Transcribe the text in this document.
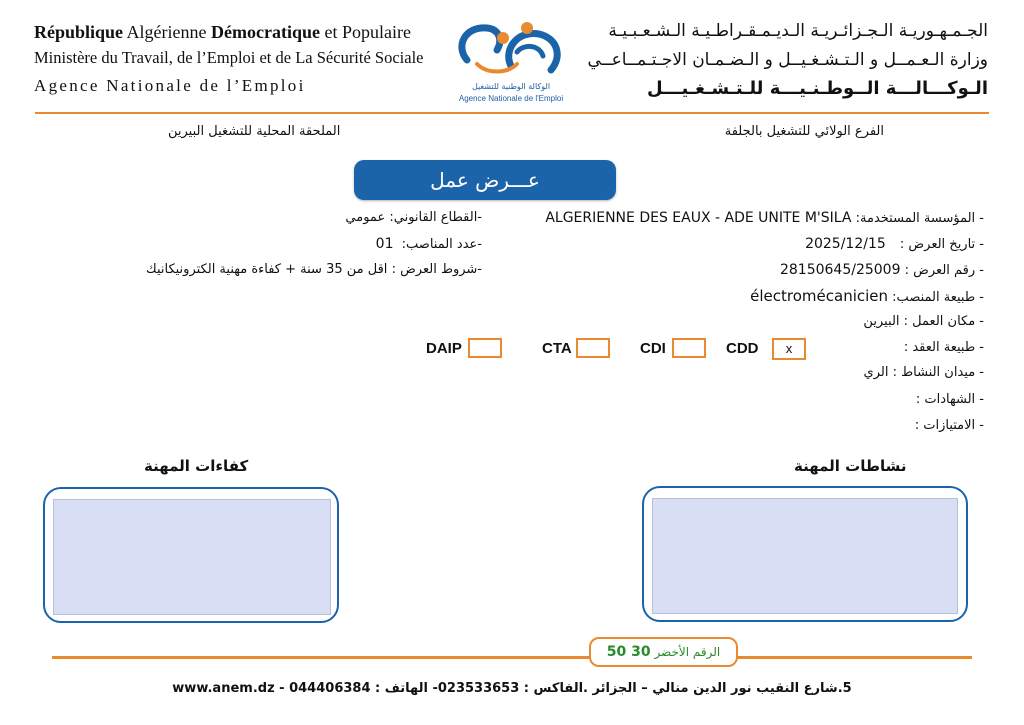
République Algérienne Démocratique et Populaire
Ministère du Travail, de l’Emploi et de La Sécurité Sociale
Agence Nationale de l’Emploi	الوكالة الوطنية للتشغيل
Agence Nationale de l'Emploi
الجـمـهـوريـة الـجـزائـريـة الـديـمـقـراطـيـة الـشـعـبـيـة
وزارة الـعـمــل و الـتـشـغـيــل و الـضـمـان الاجـتـمــاعــي
الـوكـــالـــة الــوطـنـيـــة للـتـشـغـيـــل
الفرع الولائي للتشغيل بالجلفة
الملحقة المحلية للتشغيل البيرين
عـــرض عمل
- المؤسسة المستخدمة: ALGERIENNE DES EAUX - ADE UNITE M'SILA
- تاريخ العرض : 2025/12/15
- رقم العرض : 28150645/25009
- طبيعة المنصب: électromécanicien
- مكان العمل : البيرين
- طبيعة العقد :
- ميدان النشاط : الري
- الشهادات :
- الامتيازات :
-القطاع القانوني: عمومي
-عدد المناصب: 01
-شروط العرض : اقل من 35 سنة + كفاءة مهنية الكترونيكانيك
CDD	x
CDI
CTA
DAIP
نشاطات المهنة
كفاءات المهنة
الرقم الأخضر 30 50
5.شارع النقيب نور الدين منالي – الجزائر .الفاكس : 023533653- الهاتف : 044406384 - www.anem.dz
